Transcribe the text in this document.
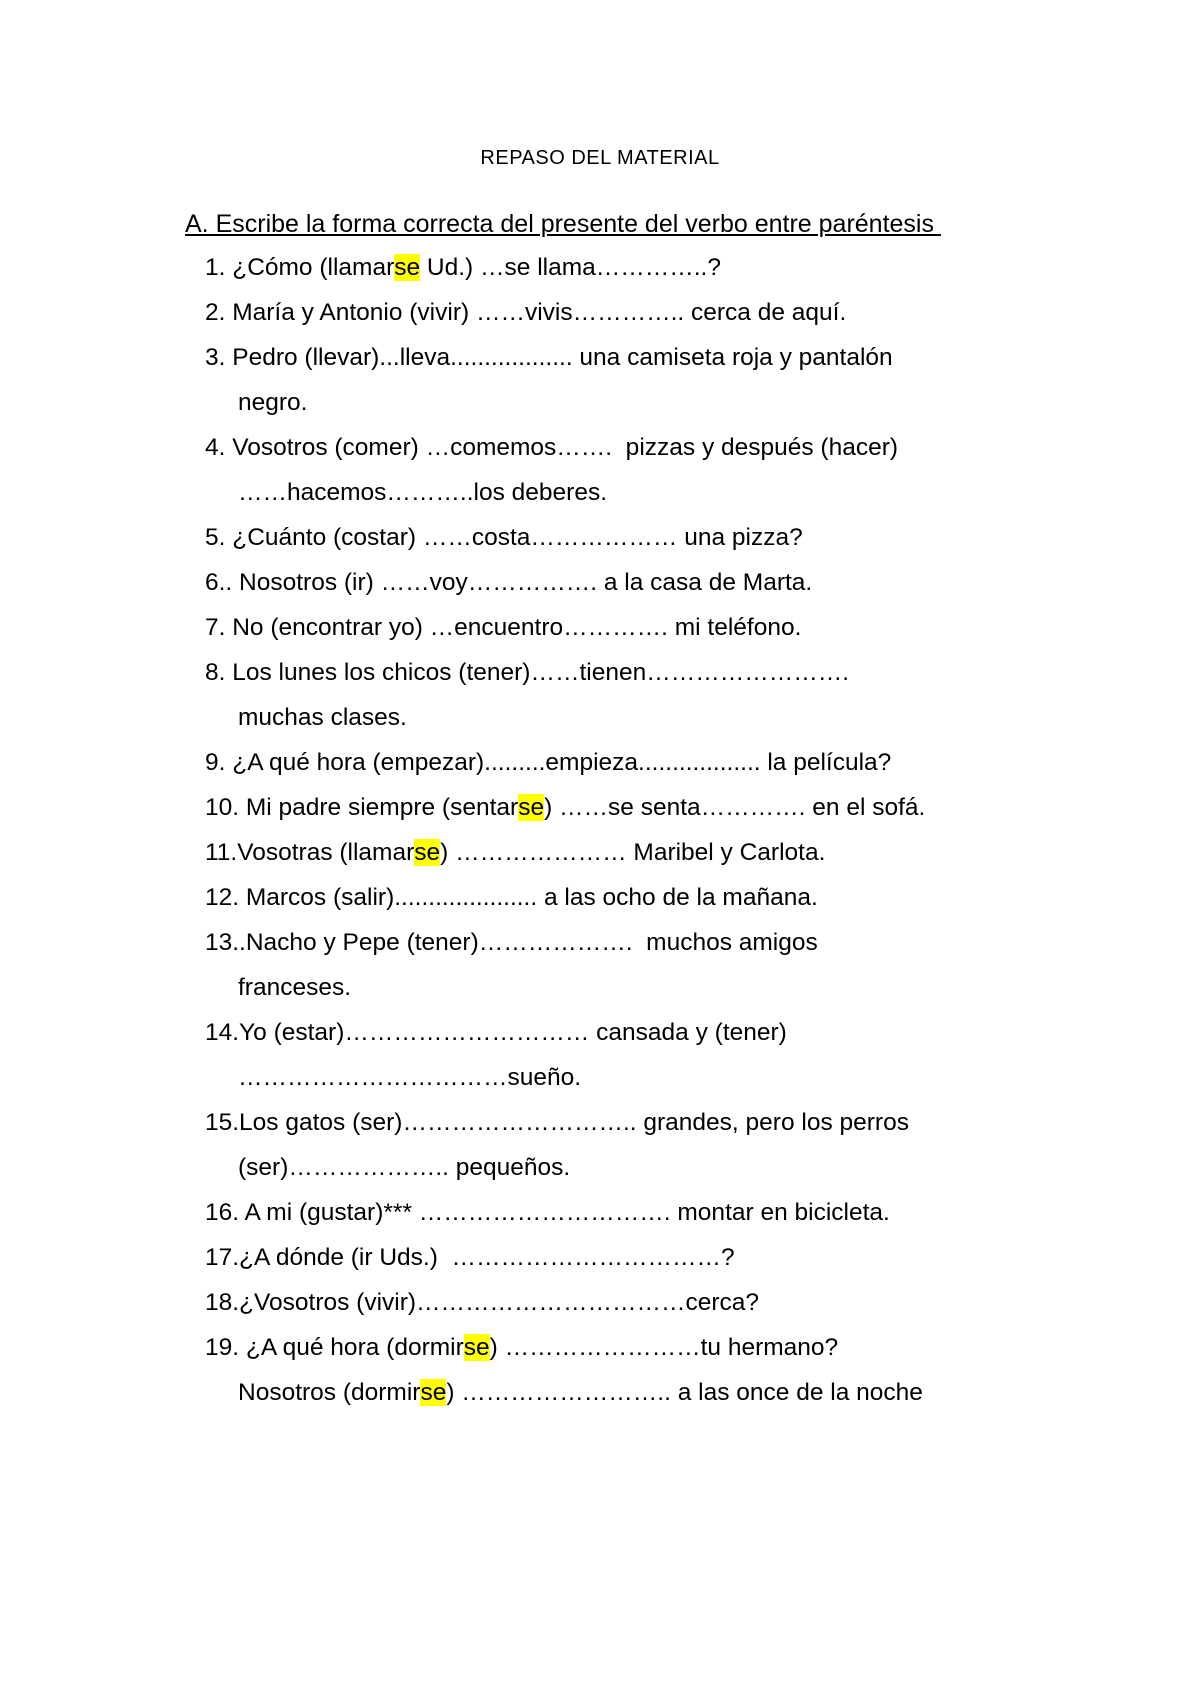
REPASO DEL MATERIAL
A. Escribe la forma correcta del presente del verbo entre paréntesis
1. ¿Cómo (llamarse Ud.) …se llama…………..?
2. María y Antonio (vivir) ……vivis………….. cerca de aquí.
3. Pedro (llevar)...lleva.................. una camiseta roja y pantalón
negro.
4. Vosotros (comer) …comemos…….  pizzas y después (hacer)
……hacemos………..los deberes.
5. ¿Cuánto (costar) ……costa……………… una pizza?
6.. Nosotros (ir) ……voy……………. a la casa de Marta.
7. No (encontrar yo) …encuentro…………. mi teléfono.
8. Los lunes los chicos (tener)……tienen…………………….
muchas clases.
9. ¿A qué hora (empezar).........empieza.................. la película?
10. Mi padre siempre (sentarse) ……se senta…………. en el sofá.
11.Vosotras (llamarse) ………………… Maribel y Carlota.
12. Marcos (salir)..................... a las ocho de la mañana.
13..Nacho y Pepe (tener)……………….  muchos amigos
franceses.
14.Yo (estar)………………………… cansada y (tener)
……………………………sueño.
15.Los gatos (ser)……………………….. grandes, pero los perros
(ser)……………….. pequeños.
16. A mi (gustar)*** …………………………. montar en bicicleta.
17.¿A dónde (ir Uds.)  ……………………………?
18.¿Vosotros (vivir)……………………………cerca?
19. ¿A qué hora (dormirse) ……………………tu hermano?
Nosotros (dormirse) …………………….. a las once de la noche
